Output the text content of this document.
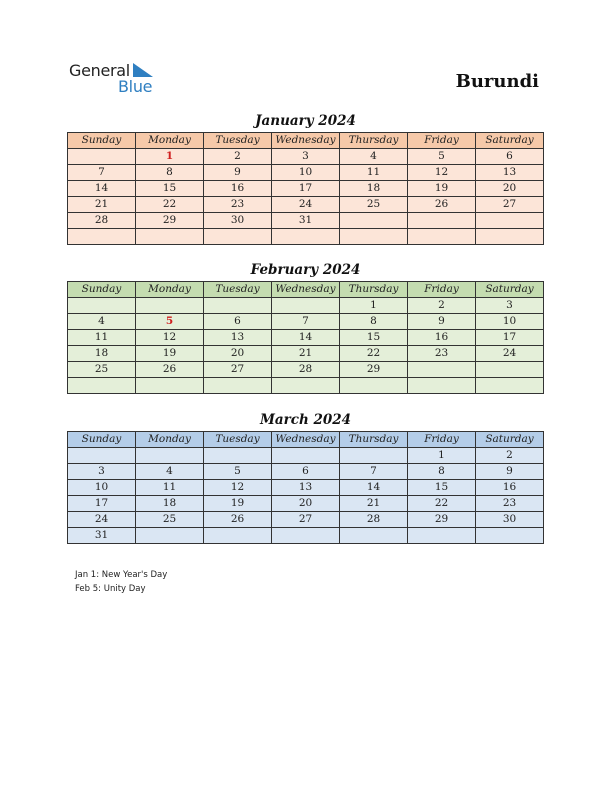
General
Blue	Burundi
January 2024
Sunday	Monday	Tuesday	Wednesday	Thursday	Friday	Saturday
	1	2	3	4	5	6
7	8	9	10	11	12	13
14	15	16	17	18	19	20
21	22	23	24	25	26	27
28	29	30	31			

February 2024
Sunday	Monday	Tuesday	Wednesday	Thursday	Friday	Saturday
				1	2	3
4	5	6	7	8	9	10
11	12	13	14	15	16	17
18	19	20	21	22	23	24
25	26	27	28	29		

March 2024
Sunday	Monday	Tuesday	Wednesday	Thursday	Friday	Saturday
					1	2
3	4	5	6	7	8	9
10	11	12	13	14	15	16
17	18	19	20	21	22	23
24	25	26	27	28	29	30
31						
Jan 1: New Year's Day
Feb 5: Unity Day
